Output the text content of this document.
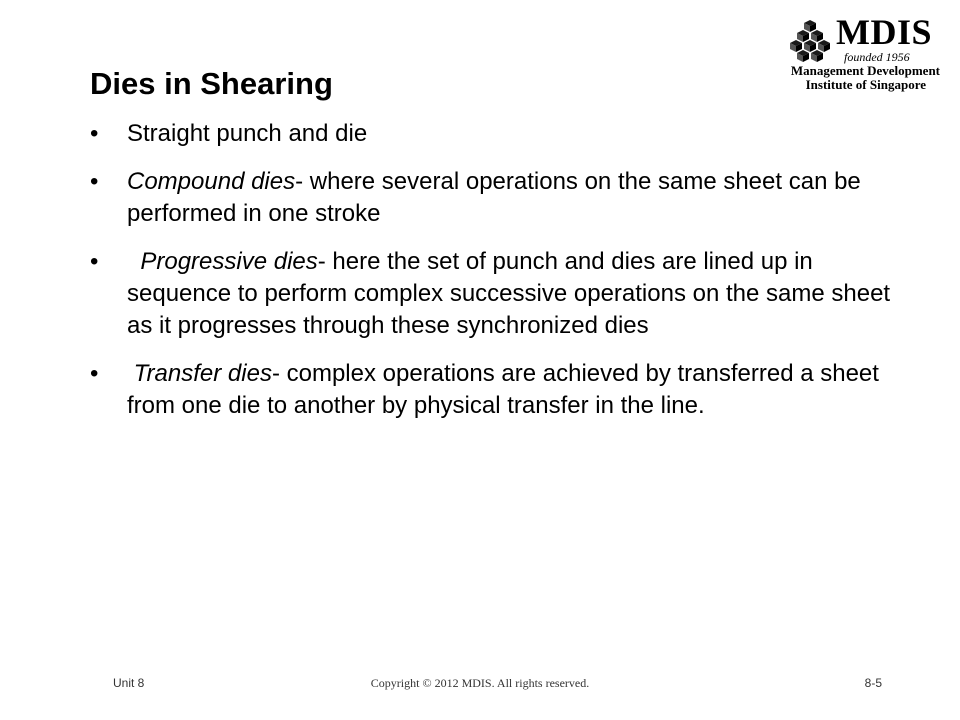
MDIS
founded 1956
Management Development
Institute of Singapore
Dies in Shearing
• Straight punch and die
• Compound dies- where several operations on the same sheet can be performed in one stroke
• Progressive dies- here the set of punch and dies are lined up in sequence to perform complex successive operations on the same sheet as it progresses through these synchronized dies
• Transfer dies- complex operations are achieved by transferred a sheet from one die to another by physical transfer in the line.
Unit 8	Copyright © 2012 MDIS. All rights reserved.	8-5
